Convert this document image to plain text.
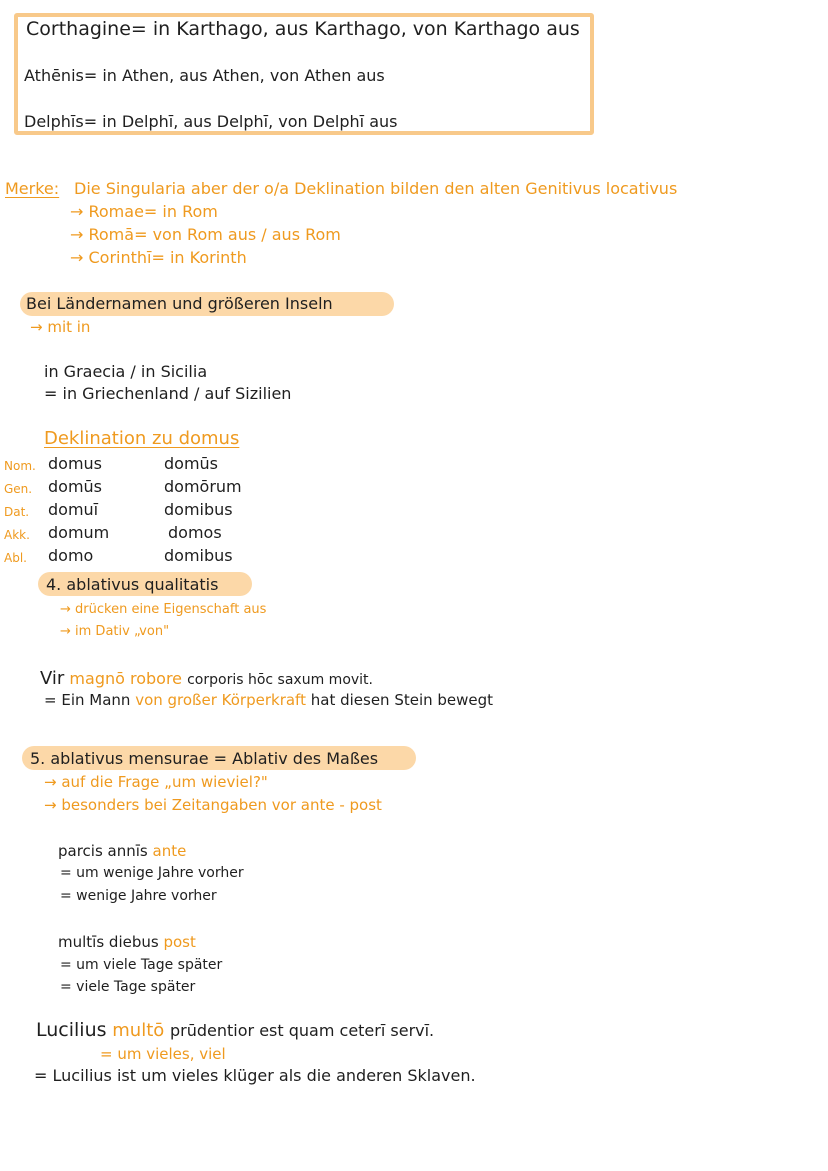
Corthagine= in Karthago, aus Karthago, von Karthago aus
Athēnis= in Athen, aus Athen, von Athen aus
Delphīs= in Delphī, aus Delphī, von Delphī aus
Merke: Die Singularia aber der o/a Deklination bilden den alten Genitivus locativus
→ Romae= in Rom
→ Romā= von Rom aus / aus Rom
→ Corinthī= in Korinth
Bei Ländernamen und größeren Inseln
→ mit in
in Graecia / in Sicilia
= in Griechenland / auf Sizilien
Deklination zu domus
Nom. domus	domūs
Gen. domūs	domōrum
Dat. domuī	domibus
Akk. domum	domos
Abl. domo	domibus
4. ablativus qualitatis
→ drücken eine Eigenschaft aus
→ im Dativ „von"
Vir magnō robore corporis hōc saxum movit.
= Ein Mann von großer Körperkraft hat diesen Stein bewegt
5. ablativus mensurae = Ablativ des Maßes
→ auf die Frage „um wieviel?"
→ besonders bei Zeitangaben vor ante - post
parcis annīs ante
= um wenige Jahre vorher
= wenige Jahre vorher
multīs diebus post
= um viele Tage später
= viele Tage später
Lucilius multō prūdentior est quam ceterī servī.
= um vieles, viel
= Lucilius ist um vieles klüger als die anderen Sklaven.
